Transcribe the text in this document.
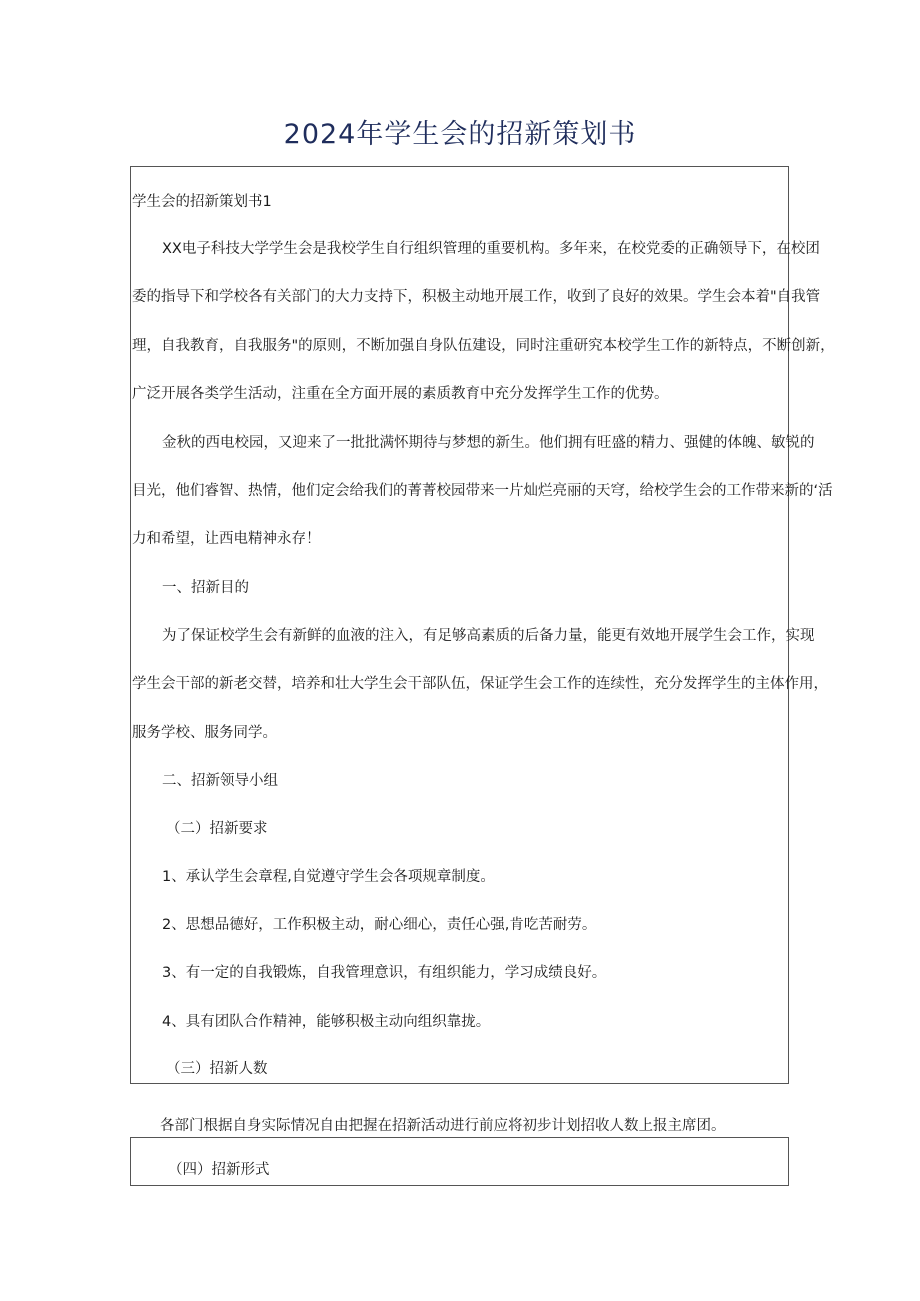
2024年学生会的招新策划书
学生会的招新策划书1
XX电子科技大学学生会是我校学生自行组织管理的重要机构。多年来，在校党委的正确领导下，在校团
委的指导下和学校各有关部门的大力支持下，积极主动地开展工作，收到了良好的效果。学生会本着"自我管
理，自我教育，自我服务"的原则，不断加强自身队伍建设，同时注重研究本校学生工作的新特点，不断创新，
广泛开展各类学生活动，注重在全方面开展的素质教育中充分发挥学生工作的优势。
金秋的西电校园，又迎来了一批批满怀期待与梦想的新生。他们拥有旺盛的精力、强健的体魄、敏锐的
目光，他们睿智、热情，他们定会给我们的菁菁校园带来一片灿烂亮丽的天穹，给校学生会的工作带来新的‘活
力和希望，让西电精神永存！
一、招新目的
为了保证校学生会有新鲜的血液的注入，有足够高素质的后备力量，能更有效地开展学生会工作，实现
学生会干部的新老交替，培养和壮大学生会干部队伍，保证学生会工作的连续性，充分发挥学生的主体作用，
服务学校、服务同学。
二、招新领导小组
（二）招新要求
1、承认学生会章程,自觉遵守学生会各项规章制度。
2、思想品德好，工作积极主动，耐心细心，责任心强,肯吃苦耐劳。
3、有一定的自我锻炼，自我管理意识，有组织能力，学习成绩良好。
4、具有团队合作精神，能够积极主动向组织靠拢。
（三）招新人数
各部门根据自身实际情况自由把握在招新活动进行前应将初步计划招收人数上报主席团。
（四）招新形式
